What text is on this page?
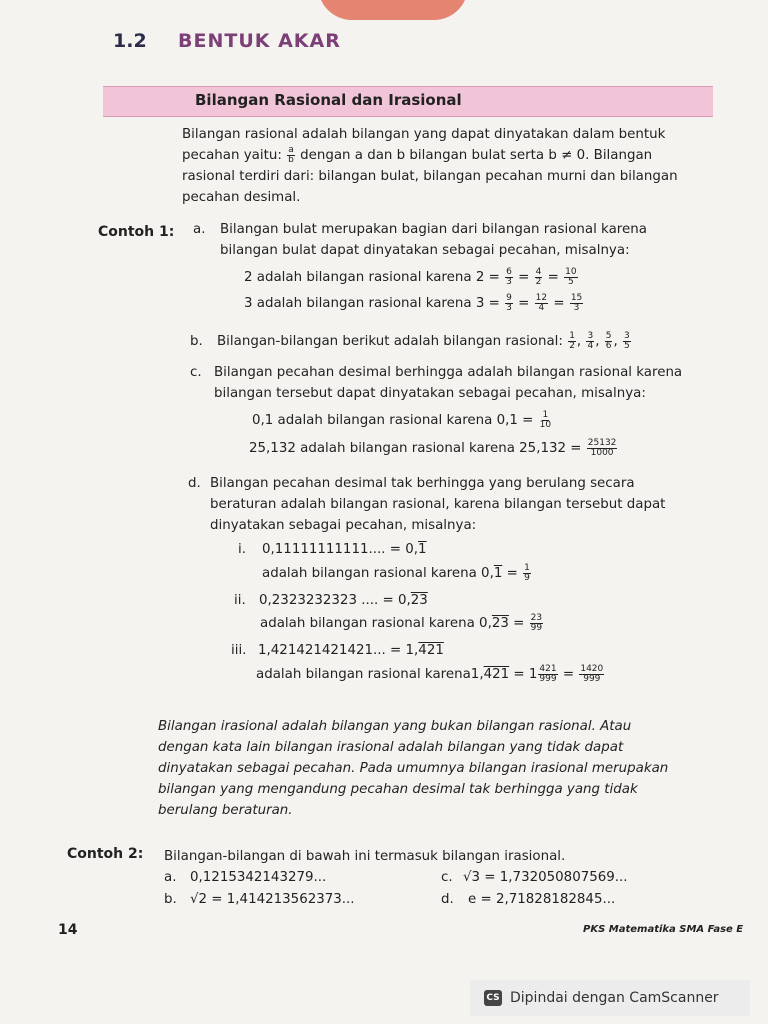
1.2 BENTUK AKAR
Bilangan Rasional dan Irasional
Bilangan rasional adalah bilangan yang dapat dinyatakan dalam bentuk
pecahan yaitu: $\frac{a}{b}$ dengan a dan b bilangan bulat serta b ≠ 0. Bilangan
rasional terdiri dari: bilangan bulat, bilangan pecahan murni dan bilangan
pecahan desimal.
Contoh 1: a. Bilangan bulat merupakan bagian dari bilangan rasional karena
bilangan bulat dapat dinyatakan sebagai pecahan, misalnya:
2 adalah bilangan rasional karena $2 = \frac{6}{3} = \frac{4}{2} = \frac{10}{5}$
3 adalah bilangan rasional karena $3 = \frac{9}{3} = \frac{12}{4} = \frac{15}{3}$
b. Bilangan-bilangan berikut adalah bilangan rasional: $\frac{1}{2}$ , $\frac{3}{4}$ , $\frac{5}{6}$ , $\frac{3}{5}$
c. Bilangan pecahan desimal berhingga adalah bilangan rasional karena
bilangan tersebut dapat dinyatakan sebagai pecahan, misalnya:
0,1 adalah bilangan rasional karena $0,1 = \frac{1}{10}$
25,132 adalah bilangan rasional karena $25,132 = \frac{25132}{1000}$
d. Bilangan pecahan desimal tak berhingga yang berulang secara
beraturan adalah bilangan rasional, karena bilangan tersebut dapat
dinyatakan sebagai pecahan, misalnya:
i. 0,11111111111.... = 0,1
adalah bilangan rasional karena $0,1 = \frac{1}{9}$
ii. 0,2323232323 .... = 0,23
adalah bilangan rasional karena $0,23 = \frac{23}{99}$
iii. 1,421421421421... = 1,421
adalah bilangan rasional karena1,421 = $1 \frac{421}{999} = \frac{1420}{999}$
Bilangan irasional adalah bilangan yang bukan bilangan rasional. Atau
dengan kata lain bilangan irasional adalah bilangan yang tidak dapat
dinyatakan sebagai pecahan. Pada umumnya bilangan irasional merupakan
bilangan yang mengandung pecahan desimal tak berhingga yang tidak
berulang beraturan.
Contoh 2: Bilangan-bilangan di bawah ini termasuk bilangan irasional.
a. 0,1215342143279...	c. √3 = 1,732050807569...
b. √2 = 1,414213562373...	d. e = 2,71828182845...
14	PKS Matematika SMA Fase E
CS Dipindai dengan CamScanner
